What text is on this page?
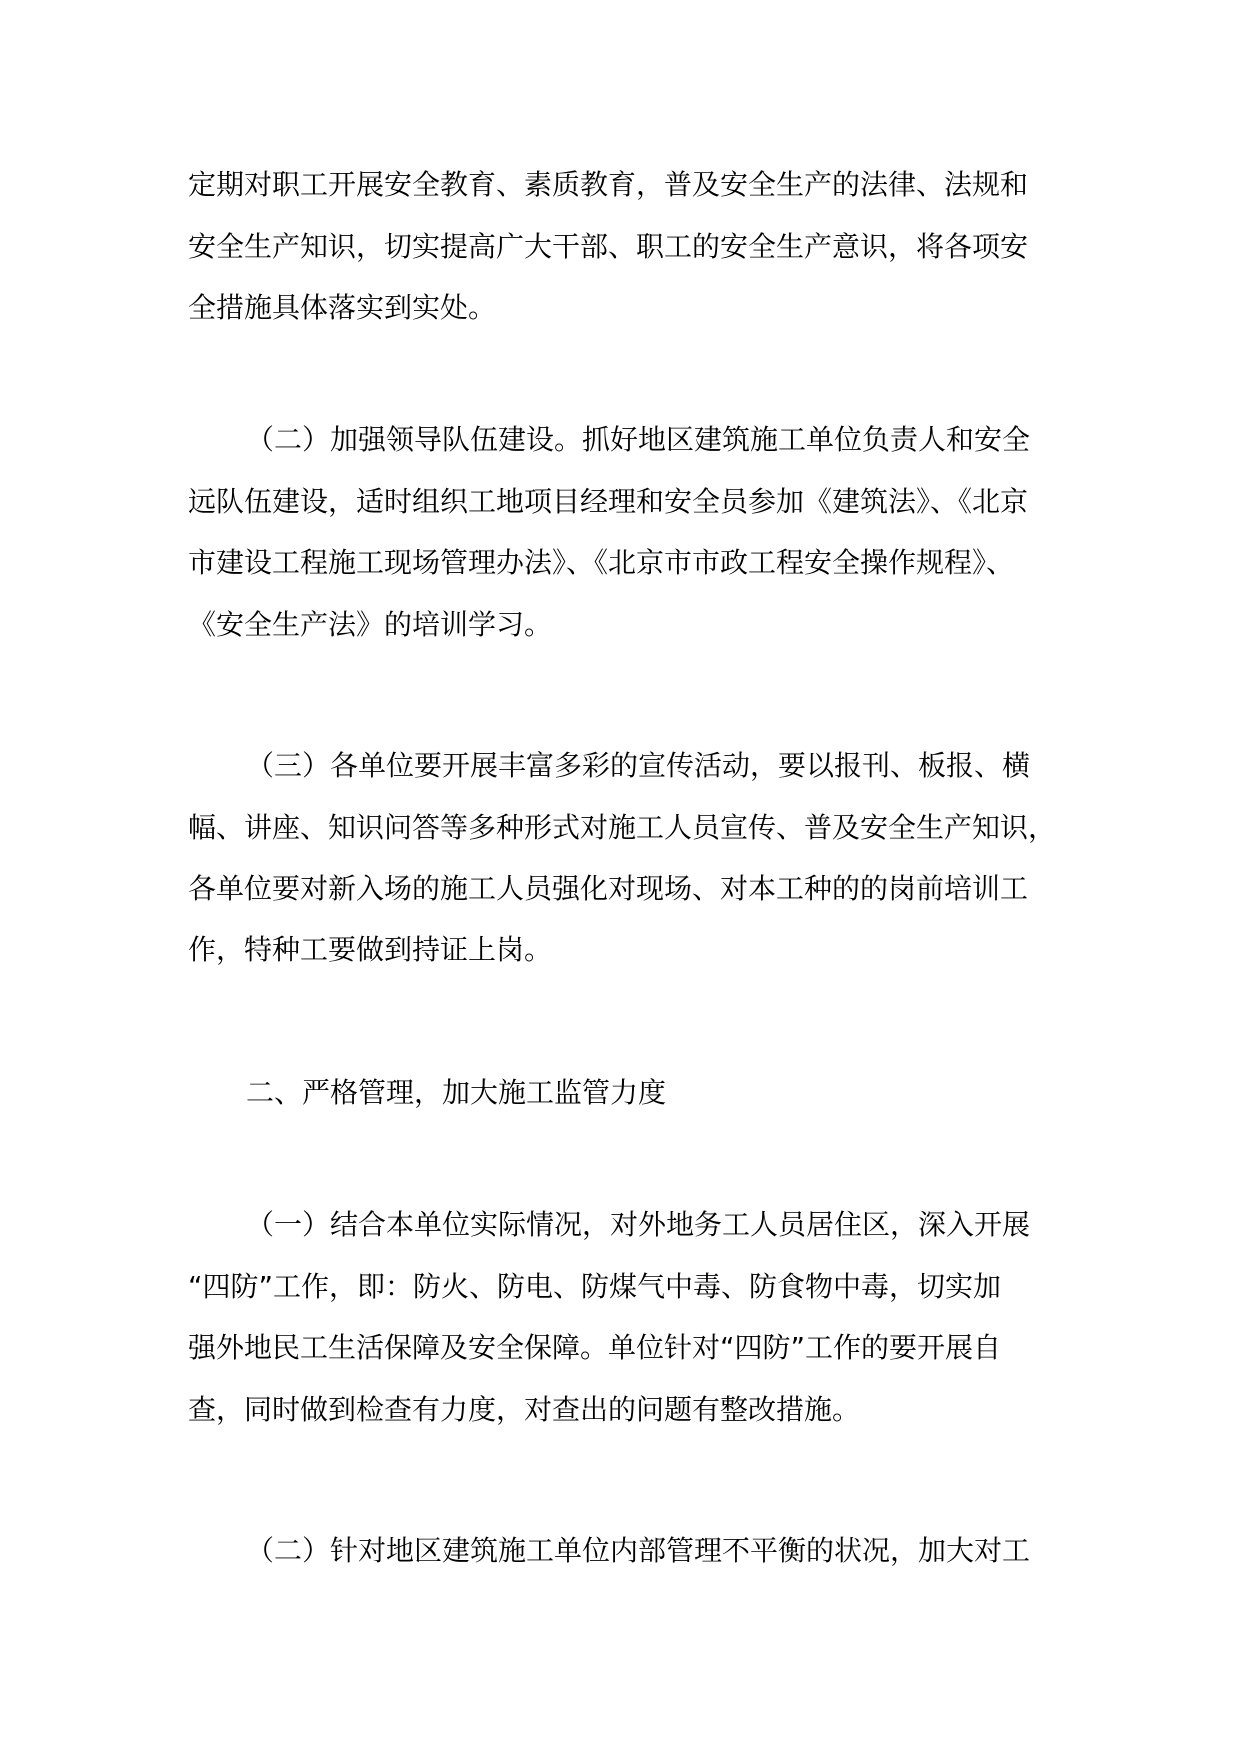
定期对职工开展安全教育、素质教育，普及安全生产的法律、法规和
安全生产知识，切实提高广大干部、职工的安全生产意识，将各项安
全措施具体落实到实处。
（二）加强领导队伍建设。抓好地区建筑施工单位负责人和安全
远队伍建设，适时组织工地项目经理和安全员参加《建筑法》、《北京
市建设工程施工现场管理办法》、《北京市市政工程安全操作规程》、
《安全生产法》的培训学习。
（三）各单位要开展丰富多彩的宣传活动，要以报刊、板报、横
幅、讲座、知识问答等多种形式对施工人员宣传、普及安全生产知识，
各单位要对新入场的施工人员强化对现场、对本工种的的岗前培训工
作，特种工要做到持证上岗。
二、严格管理，加大施工监管力度
（一）结合本单位实际情况，对外地务工人员居住区，深入开展
“四防”工作，即：防火、防电、防煤气中毒、防食物中毒，切实加
强外地民工生活保障及安全保障。单位针对“四防”工作的要开展自
查，同时做到检查有力度，对查出的问题有整改措施。
（二）针对地区建筑施工单位内部管理不平衡的状况，加大对工
